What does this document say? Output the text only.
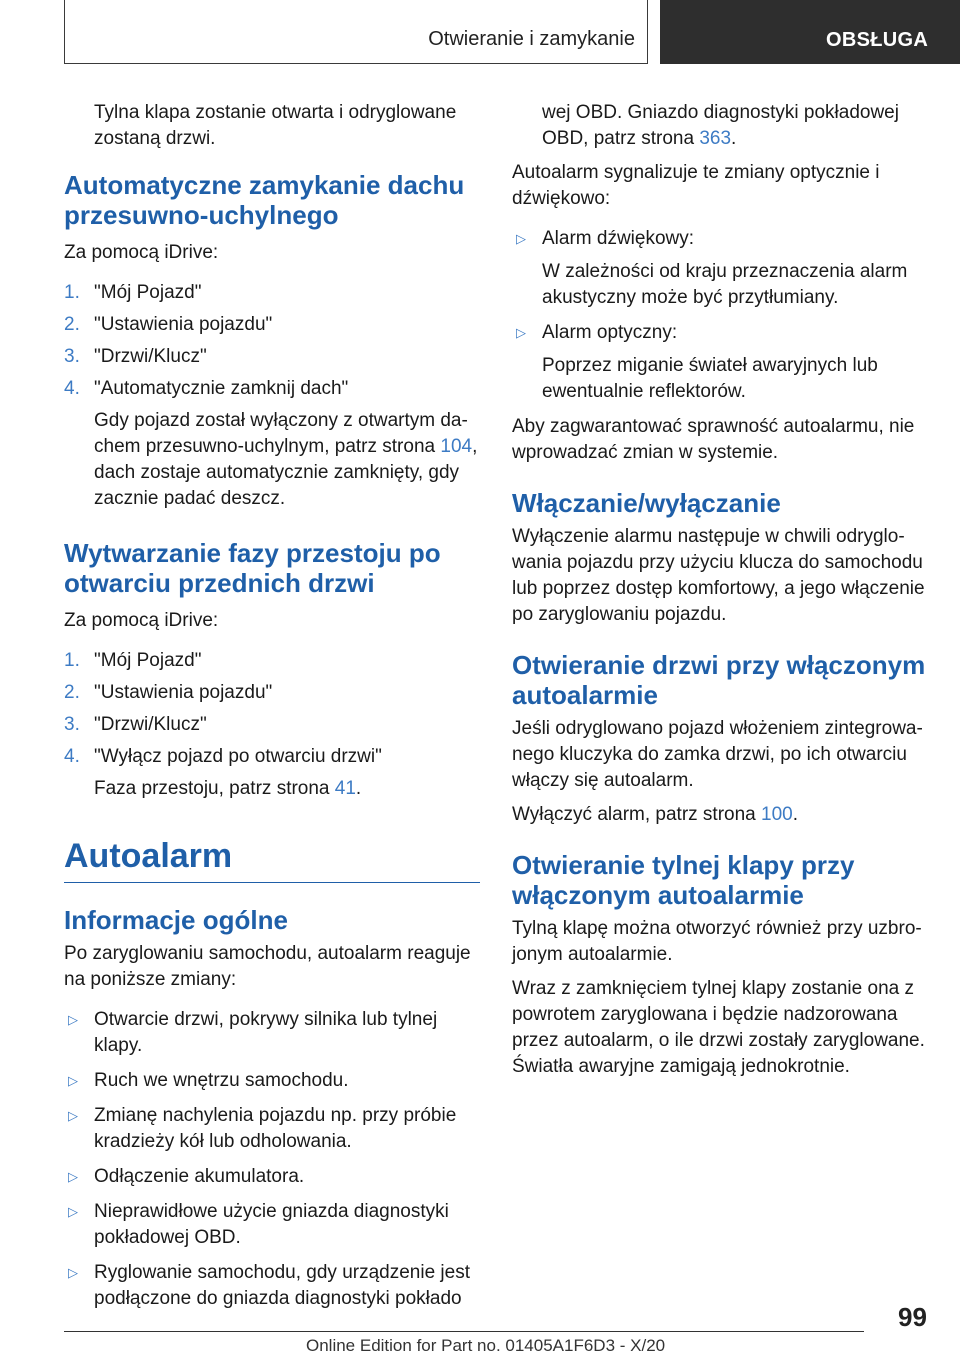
Otwieranie i zamykanie	OBSŁUGA

Tylna klapa zostanie otwarta i odryglowane zostaną drzwi.

Automatyczne zamykanie dachu przesuwno-uchylnego

Za pomocą iDrive:

1. "Mój Pojazd"
2. "Ustawienia pojazdu"
3. "Drzwi/Klucz"
4. "Automatycznie zamknij dach"

Gdy pojazd został wyłączony z otwartym dachem przesuwno-uchylnym, patrz strona 104, dach zostaje automatycznie zamknięty, gdy zacznie padać deszcz.

Wytwarzanie fazy przestoju po otwarciu przednich drzwi

Za pomocą iDrive:

1. "Mój Pojazd"
2. "Ustawienia pojazdu"
3. "Drzwi/Klucz"
4. "Wyłącz pojazd po otwarciu drzwi"

Faza przestoju, patrz strona 41.

Autoalarm
Informacje ogólne

Po zaryglowaniu samochodu, autoalarm reaguje na poniższe zmiany:

▷ Otwarcie drzwi, pokrywy silnika lub tylnej klapy.
▷ Ruch we wnętrzu samochodu.
▷ Zmianę nachylenia pojazdu np. przy próbie kradzieży kół lub odholowania.
▷ Odłączenie akumulatora.
▷ Nieprawidłowe użycie gniazda diagnostyki pokładowej OBD.
▷ Ryglowanie samochodu, gdy urządzenie jest podłączone do gniazda diagnostyki pokłado

wej OBD. Gniazdo diagnostyki pokładowej OBD, patrz strona 363.

Autoalarm sygnalizuje te zmiany optycznie i dźwiękowo:

▷ Alarm dźwiękowy:
W zależności od kraju przeznaczenia alarm akustyczny może być przytłumiany.
▷ Alarm optyczny:
Poprzez miganie świateł awaryjnych lub ewentualnie reflektorów.

Aby zagwarantować sprawność autoalarmu, nie wprowadzać zmian w systemie.

Włączanie/wyłączanie

Wyłączenie alarmu następuje w chwili odryglowania pojazdu przy użyciu klucza do samochodu lub poprzez dostęp komfortowy, a jego włączenie po zaryglowaniu pojazdu.

Otwieranie drzwi przy włączonym autoalarmie

Jeśli odryglowano pojazd włożeniem zintegrowanego kluczyka do zamka drzwi, po ich otwarciu włączy się autoalarm.

Wyłączyć alarm, patrz strona 100.

Otwieranie tylnej klapy przy włączonym autoalarmie

Tylną klapę można otworzyć również przy uzbrojonym autoalarmie.

Wraz z zamknięciem tylnej klapy zostanie ona z powrotem zaryglowana i będzie nadzorowana przez autoalarm, o ile drzwi zostały zaryglowane. Światła awaryjne zamigają jednokrotnie.

99
Online Edition for Part no. 01405A1F6D3 - X/20
